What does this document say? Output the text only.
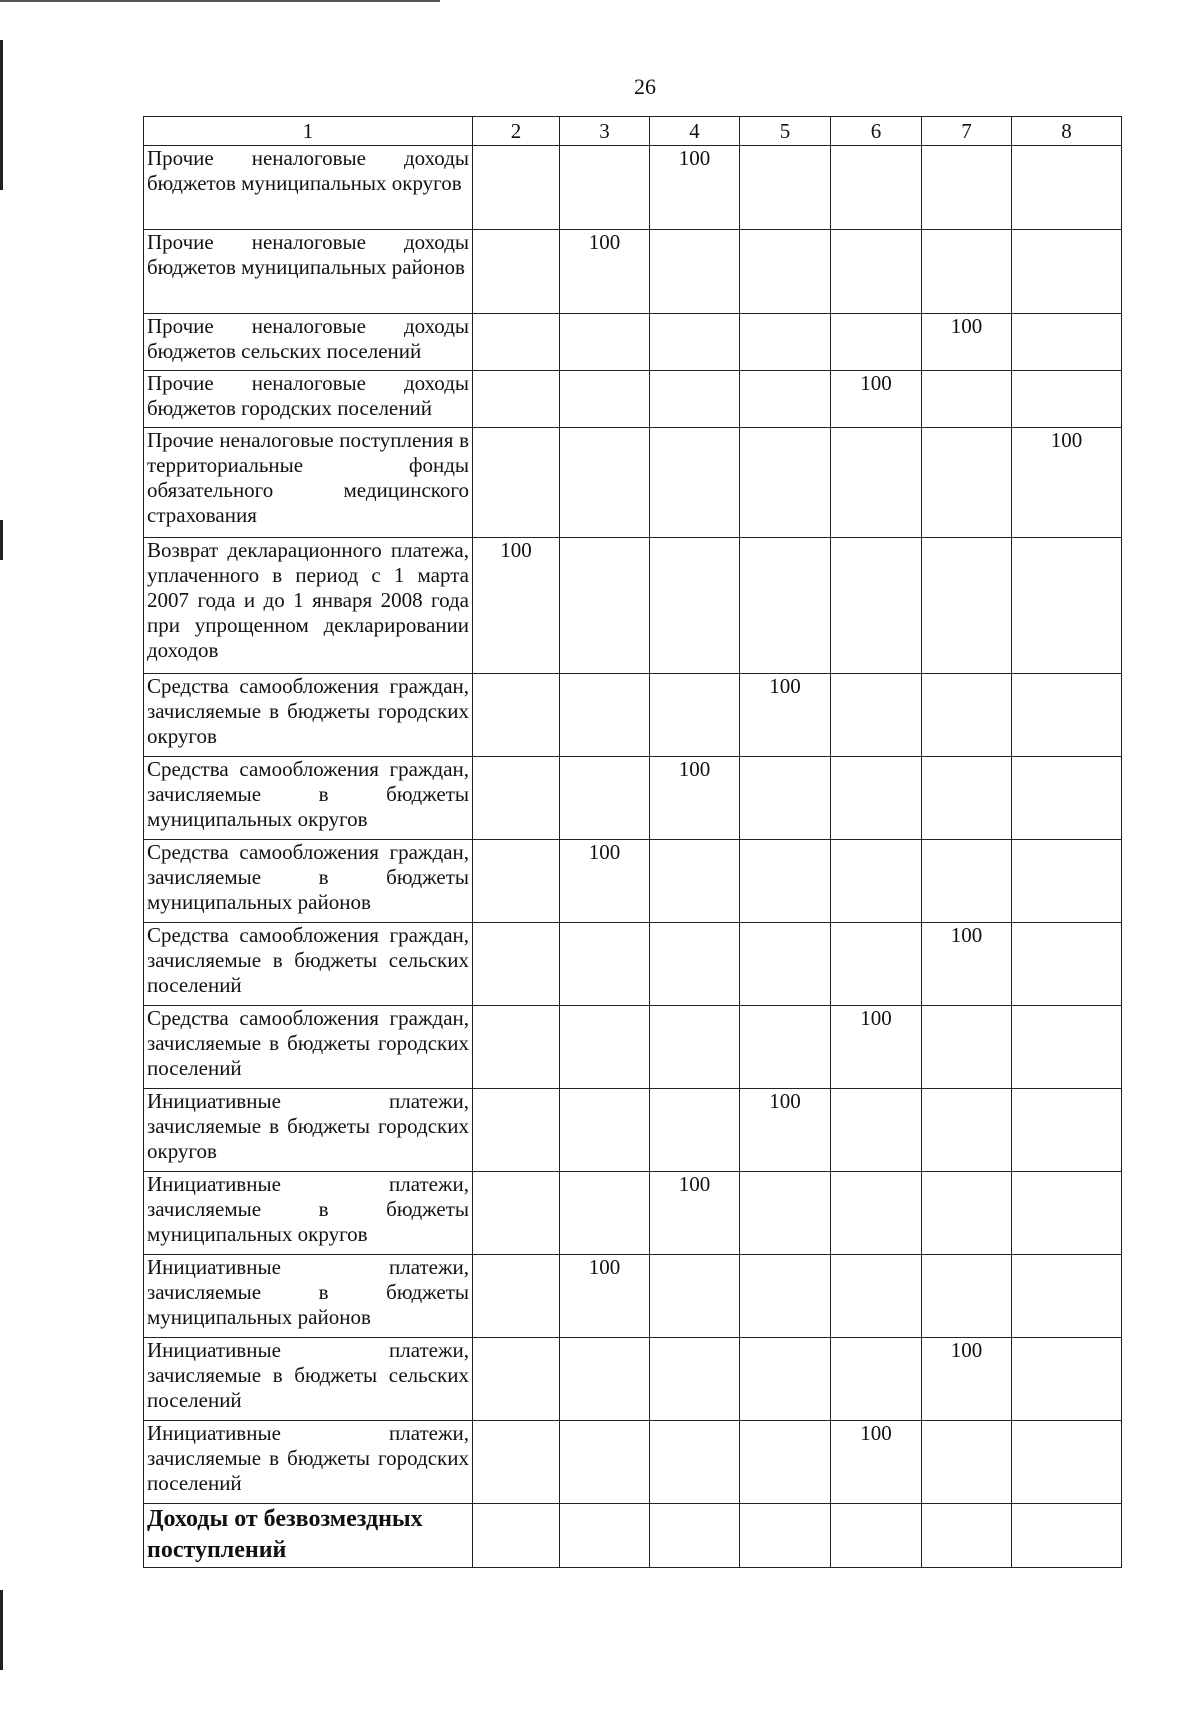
26
1	2	3	4	5	6	7	8
Прочие неналоговые доходы бюджетов муниципальных округов			100				
Прочие неналоговые доходы бюджетов муниципальных районов		100					
Прочие неналоговые доходы бюджетов сельских поселений						100	
Прочие неналоговые доходы бюджетов городских поселений					100		
Прочие неналоговые поступления в территориальные фонды обязательного медицинского страхования							100
Возврат декларационного платежа, уплаченного в период с 1 марта 2007 года и до 1 января 2008 года при упрощенном декларировании доходов	100						
Средства самообложения граждан, зачисляемые в бюджеты городских округов				100			
Средства самообложения граждан, зачисляемые в бюджеты муниципальных округов			100				
Средства самообложения граждан, зачисляемые в бюджеты муниципальных районов		100					
Средства самообложения граждан, зачисляемые в бюджеты сельских поселений						100	
Средства самообложения граждан, зачисляемые в бюджеты городских поселений					100		
Инициативные платежи, зачисляемые в бюджеты городских округов				100			
Инициативные платежи, зачисляемые в бюджеты муниципальных округов			100				
Инициативные платежи, зачисляемые в бюджеты муниципальных районов		100					
Инициативные платежи, зачисляемые в бюджеты сельских поселений						100	
Инициативные платежи, зачисляемые в бюджеты городских поселений					100		
Доходы от безвозмездных поступлений							
